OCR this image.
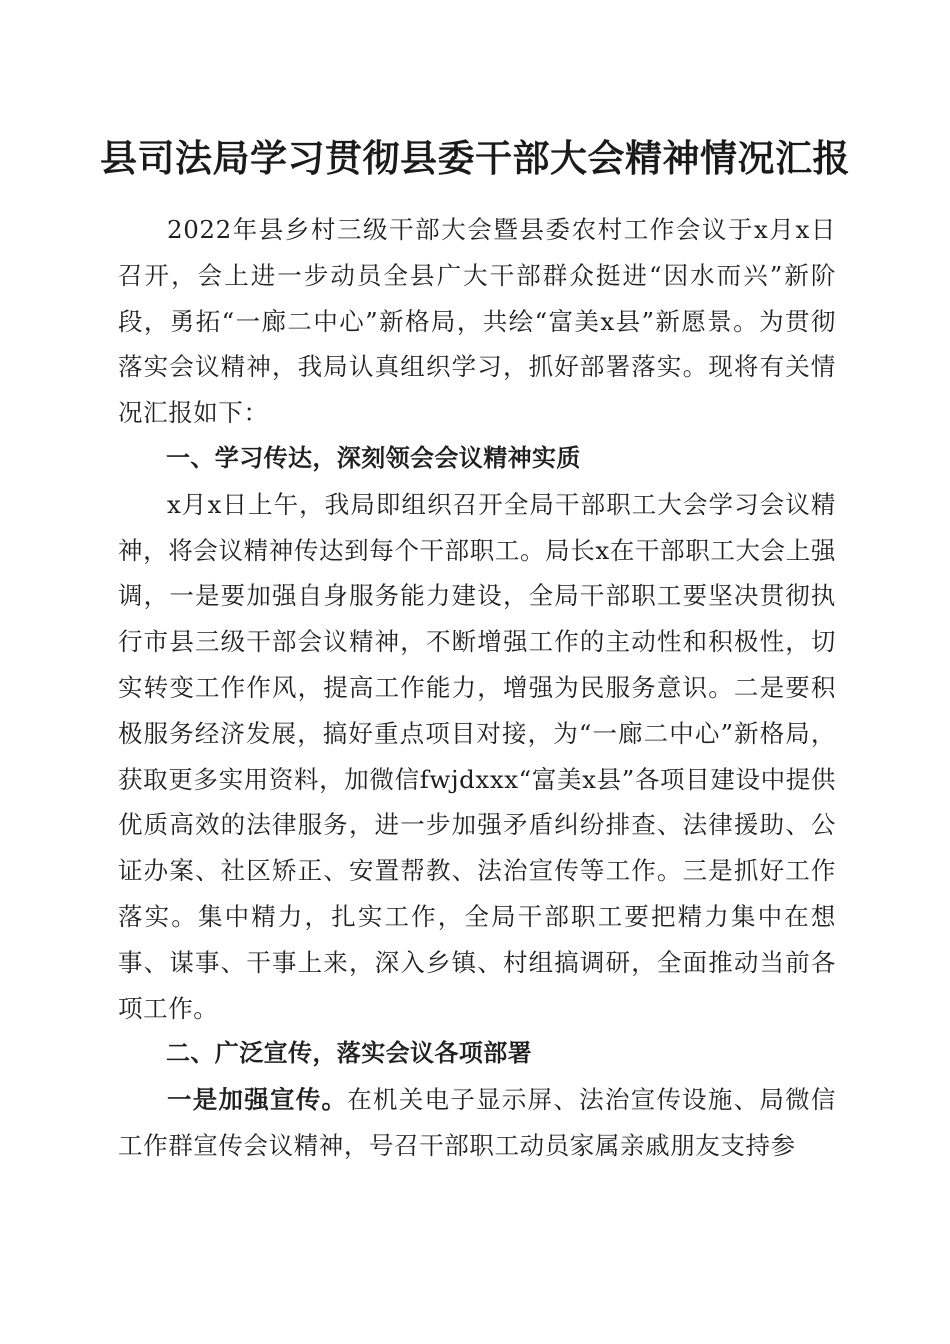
县司法局学习贯彻县委干部大会精神情况汇报

2022年县乡村三级干部大会暨县委农村工作会议于x月x日召开，会上进一步动员全县广大干部群众挺进“因水而兴”新阶段，勇拓“一廊二中心”新格局，共绘“富美x县”新愿景。为贯彻落实会议精神，我局认真组织学习，抓好部署落实。现将有关情况汇报如下：

一、学习传达，深刻领会会议精神实质

x月x日上午，我局即组织召开全局干部职工大会学习会议精神，将会议精神传达到每个干部职工。局长x在干部职工大会上强调，一是要加强自身服务能力建设，全局干部职工要坚决贯彻执行市县三级干部会议精神，不断增强工作的主动性和积极性，切实转变工作作风，提高工作能力，增强为民服务意识。二是要积极服务经济发展，搞好重点项目对接，为“一廊二中心”新格局，获取更多实用资料，加微信fwjdxxx“富美x县”各项目建设中提供优质高效的法律服务，进一步加强矛盾纠纷排查、法律援助、公证办案、社区矫正、安置帮教、法治宣传等工作。三是抓好工作落实。集中精力，扎实工作，全局干部职工要把精力集中在想事、谋事、干事上来，深入乡镇、村组搞调研，全面推动当前各项工作。

二、广泛宣传，落实会议各项部署

一是加强宣传。在机关电子显示屏、法治宣传设施、局微信工作群宣传会议精神，号召干部职工动员家属亲戚朋友支持参
